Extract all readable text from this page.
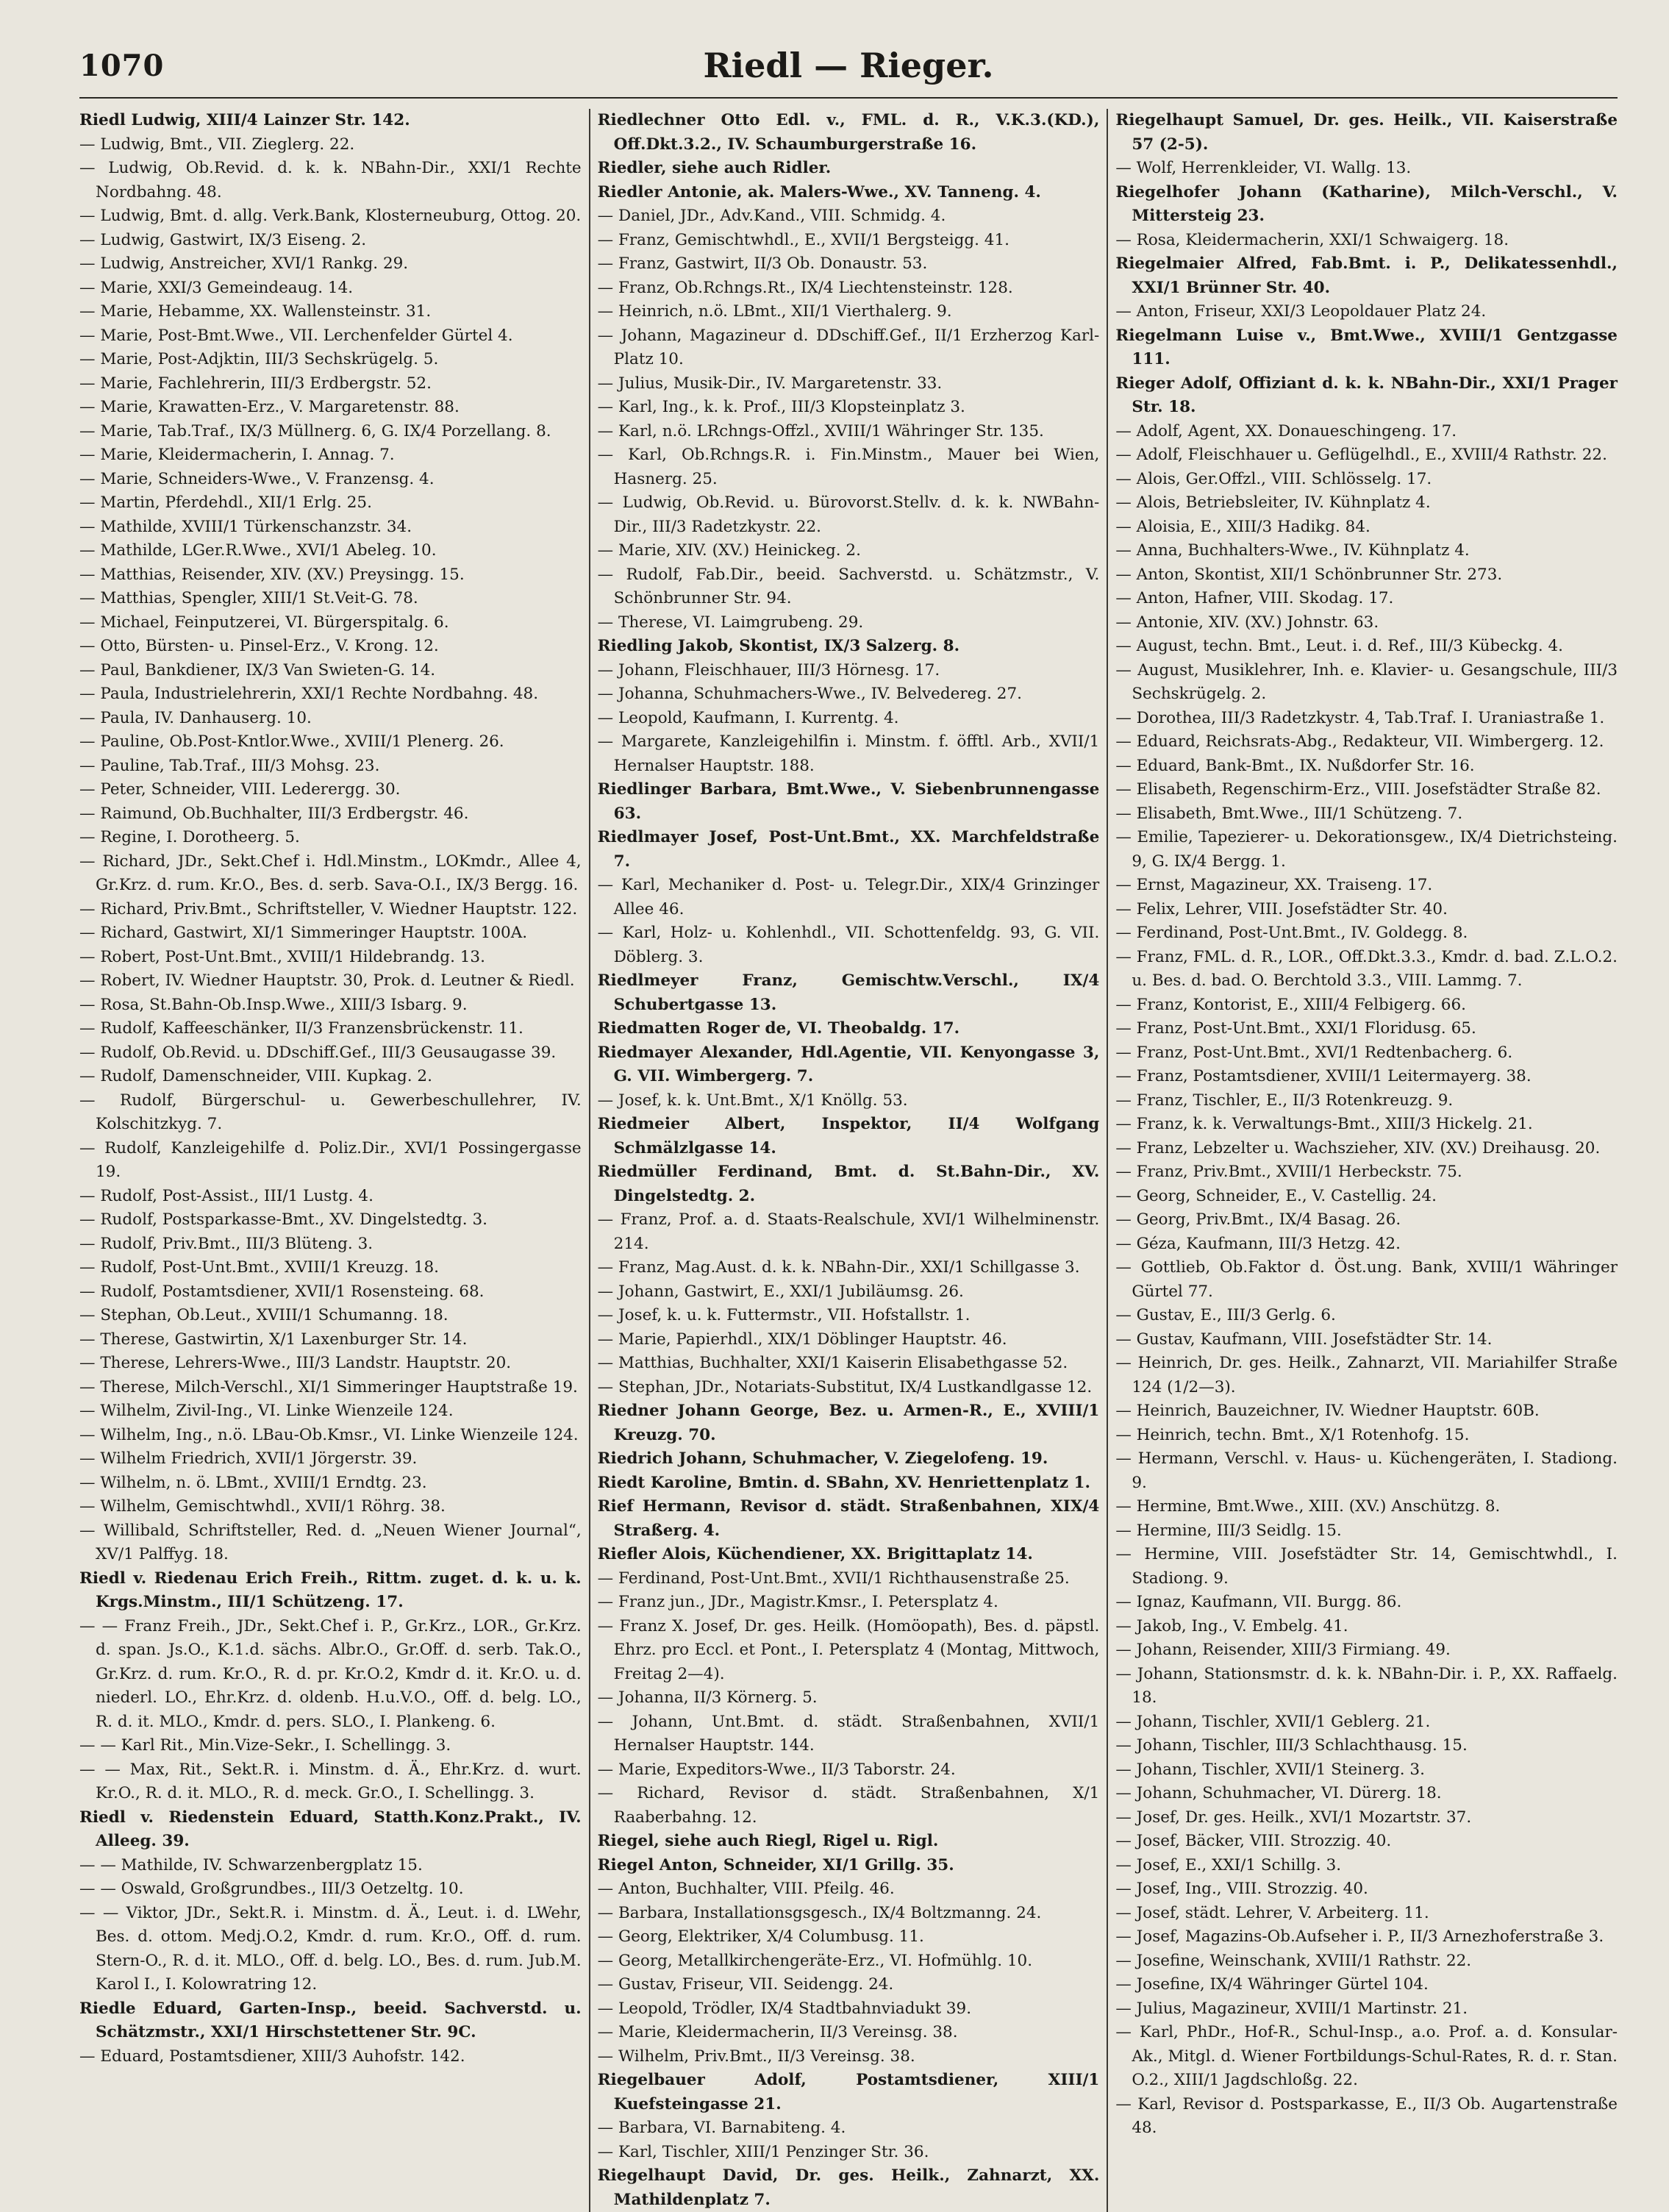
1070	Riedl — Rieger.

Riedl Ludwig, XIII/4 Lainzer Str. 142.

— Ludwig, Bmt., VII. Zieglerg. 22.

— Ludwig, Ob.Revid. d. k. k. NBahn-Dir., XXI/1 Rechte Nordbahng. 48.

— Ludwig, Bmt. d. allg. Verk.Bank, Klosterneuburg, Ottog. 20.

— Ludwig, Gastwirt, IX/3 Eiseng. 2.

— Ludwig, Anstreicher, XVI/1 Rankg. 29.

— Marie, XXI/3 Gemeindeaug. 14.

— Marie, Hebamme, XX. Wallensteinstr. 31.

— Marie, Post-Bmt.Wwe., VII. Lerchenfelder Gürtel 4.

— Marie, Post-Adjktin, III/3 Sechskrügelg. 5.

— Marie, Fachlehrerin, III/3 Erdbergstr. 52.

— Marie, Krawatten-Erz., V. Margaretenstr. 88.

— Marie, Tab.Traf., IX/3 Müllnerg. 6, G. IX/4 Porzellang. 8.

— Marie, Kleidermacherin, I. Annag. 7.

— Marie, Schneiders-Wwe., V. Franzensg. 4.

— Martin, Pferdehdl., XII/1 Erlg. 25.

— Mathilde, XVIII/1 Türkenschanzstr. 34.

— Mathilde, LGer.R.Wwe., XVI/1 Abeleg. 10.

— Matthias, Reisender, XIV. (XV.) Preysingg. 15.

— Matthias, Spengler, XIII/1 St.Veit-G. 78.

— Michael, Feinputzerei, VI. Bürgerspitalg. 6.

— Otto, Bürsten- u. Pinsel-Erz., V. Krong. 12.

— Paul, Bankdiener, IX/3 Van Swieten-G. 14.

— Paula, Industrielehrerin, XXI/1 Rechte Nordbahng. 48.

— Paula, IV. Danhauserg. 10.

— Pauline, Ob.Post-Kntlor.Wwe., XVIII/1 Plenerg. 26.

— Pauline, Tab.Traf., III/3 Mohsg. 23.

— Peter, Schneider, VIII. Lederergg. 30.

— Raimund, Ob.Buchhalter, III/3 Erdbergstr. 46.

— Regine, I. Dorotheerg. 5.

— Richard, JDr., Sekt.Chef i. Hdl.Minstm., LOKmdr., Allee 4, Gr.Krz. d. rum. Kr.O., Bes. d. serb. Sava-O.I., IX/3 Bergg. 16.

— Richard, Priv.Bmt., Schriftsteller, V. Wiedner Hauptstr. 122.

— Richard, Gastwirt, XI/1 Simmeringer Hauptstr. 100A.

— Robert, Post-Unt.Bmt., XVIII/1 Hildebrandg. 13.

— Robert, IV. Wiedner Hauptstr. 30, Prok. d. Leutner & Riedl.

— Rosa, St.Bahn-Ob.Insp.Wwe., XIII/3 Isbarg. 9.

— Rudolf, Kaffeeschänker, II/3 Franzensbrückenstr. 11.

— Rudolf, Ob.Revid. u. DDschiff.Gef., III/3 Geusaugasse 39.

— Rudolf, Damenschneider, VIII. Kupkag. 2.

— Rudolf, Bürgerschul- u. Gewerbeschullehrer, IV. Kolschitzkyg. 7.

— Rudolf, Kanzleigehilfe d. Poliz.Dir., XVI/1 Possingergasse 19.

— Rudolf, Post-Assist., III/1 Lustg. 4.

— Rudolf, Postsparkasse-Bmt., XV. Dingelstedtg. 3.

— Rudolf, Priv.Bmt., III/3 Blüteng. 3.

— Rudolf, Post-Unt.Bmt., XVIII/1 Kreuzg. 18.

— Rudolf, Postamtsdiener, XVII/1 Rosensteing. 68.

— Stephan, Ob.Leut., XVIII/1 Schumanng. 18.

— Therese, Gastwirtin, X/1 Laxenburger Str. 14.

— Therese, Lehrers-Wwe., III/3 Landstr. Hauptstr. 20.

— Therese, Milch-Verschl., XI/1 Simmeringer Hauptstraße 19.

— Wilhelm, Zivil-Ing., VI. Linke Wienzeile 124.

— Wilhelm, Ing., n.ö. LBau-Ob.Kmsr., VI. Linke Wienzeile 124.

— Wilhelm Friedrich, XVII/1 Jörgerstr. 39.

— Wilhelm, n. ö. LBmt., XVIII/1 Erndtg. 23.

— Wilhelm, Gemischtwhdl., XVII/1 Röhrg. 38.

— Willibald, Schriftsteller, Red. d. „Neuen Wiener Journal“, XV/1 Palffyg. 18.

Riedl v. Riedenau Erich Freih., Rittm. zuget. d. k. u. k. Krgs.Minstm., III/1 Schützeng. 17.

— — Franz Freih., JDr., Sekt.Chef i. P., Gr.Krz., LOR., Gr.Krz. d. span. Js.O., K.1.d. sächs. Albr.O., Gr.Off. d. serb. Tak.O., Gr.Krz. d. rum. Kr.O., R. d. pr. Kr.O.2, Kmdr d. it. Kr.O. u. d. niederl. LO., Ehr.Krz. d. oldenb. H.u.V.O., Off. d. belg. LO., R. d. it. MLO., Kmdr. d. pers. SLO., I. Plankeng. 6.

— — Karl Rit., Min.Vize-Sekr., I. Schellingg. 3.

— — Max, Rit., Sekt.R. i. Minstm. d. Ä., Ehr.Krz. d. wurt. Kr.O., R. d. it. MLO., R. d. meck. Gr.O., I. Schellingg. 3.

Riedl v. Riedenstein Eduard, Statth.Konz.Prakt., IV. Alleeg. 39.

— — Mathilde, IV. Schwarzenbergplatz 15.

— — Oswald, Großgrundbes., III/3 Oetzeltg. 10.

— — Viktor, JDr., Sekt.R. i. Minstm. d. Ä., Leut. i. d. LWehr, Bes. d. ottom. Medj.O.2, Kmdr. d. rum. Kr.O., Off. d. rum. Stern-O., R. d. it. MLO., Off. d. belg. LO., Bes. d. rum. Jub.M. Karol I., I. Kolowratring 12.

Riedle Eduard, Garten-Insp., beeid. Sachverstd. u. Schätzmstr., XXI/1 Hirschstettener Str. 9C.

— Eduard, Postamtsdiener, XIII/3 Auhofstr. 142.

Riedlechner Otto Edl. v., FML. d. R., V.K.3.(KD.), Off.Dkt.3.2., IV. Schaumburgerstraße 16.

Riedler, siehe auch Ridler.

Riedler Antonie, ak. Malers-Wwe., XV. Tanneng. 4.

— Daniel, JDr., Adv.Kand., VIII. Schmidg. 4.

— Franz, Gemischtwhdl., E., XVII/1 Bergsteigg. 41.

— Franz, Gastwirt, II/3 Ob. Donaustr. 53.

— Franz, Ob.Rchngs.Rt., IX/4 Liechtensteinstr. 128.

— Heinrich, n.ö. LBmt., XII/1 Vierthalerg. 9.

— Johann, Magazineur d. DDschiff.Gef., II/1 Erzherzog Karl-Platz 10.

— Julius, Musik-Dir., IV. Margaretenstr. 33.

— Karl, Ing., k. k. Prof., III/3 Klopsteinplatz 3.

— Karl, n.ö. LRchngs-Offzl., XVIII/1 Währinger Str. 135.

— Karl, Ob.Rchngs.R. i. Fin.Minstm., Mauer bei Wien, Hasnerg. 25.

— Ludwig, Ob.Revid. u. Bürovorst.Stellv. d. k. k. NWBahn-Dir., III/3 Radetzkystr. 22.

— Marie, XIV. (XV.) Heinickeg. 2.

— Rudolf, Fab.Dir., beeid. Sachverstd. u. Schätzmstr., V. Schönbrunner Str. 94.

— Therese, VI. Laimgrubeng. 29.

Riedling Jakob, Skontist, IX/3 Salzerg. 8.

— Johann, Fleischhauer, III/3 Hörnesg. 17.

— Johanna, Schuhmachers-Wwe., IV. Belvedereg. 27.

— Leopold, Kaufmann, I. Kurrentg. 4.

— Margarete, Kanzleigehilfin i. Minstm. f. öfftl. Arb., XVII/1 Hernalser Hauptstr. 188.

Riedlinger Barbara, Bmt.Wwe., V. Siebenbrunnengasse 63.

Riedlmayer Josef, Post-Unt.Bmt., XX. Marchfeldstraße 7.

— Karl, Mechaniker d. Post- u. Telegr.Dir., XIX/4 Grinzinger Allee 46.

— Karl, Holz- u. Kohlenhdl., VII. Schottenfeldg. 93, G. VII. Döblerg. 3.

Riedlmeyer Franz, Gemischtw.Verschl., IX/4 Schubertgasse 13.

Riedmatten Roger de, VI. Theobaldg. 17.

Riedmayer Alexander, Hdl.Agentie, VII. Kenyongasse 3, G. VII. Wimbergerg. 7.

— Josef, k. k. Unt.Bmt., X/1 Knöllg. 53.

Riedmeier Albert, Inspektor, II/4 Wolfgang Schmälzlgasse 14.

Riedmüller Ferdinand, Bmt. d. St.Bahn-Dir., XV. Dingelstedtg. 2.

— Franz, Prof. a. d. Staats-Realschule, XVI/1 Wilhelminenstr. 214.

— Franz, Mag.Aust. d. k. k. NBahn-Dir., XXI/1 Schillgasse 3.

— Johann, Gastwirt, E., XXI/1 Jubiläumsg. 26.

— Josef, k. u. k. Futtermstr., VII. Hofstallstr. 1.

— Marie, Papierhdl., XIX/1 Döblinger Hauptstr. 46.

— Matthias, Buchhalter, XXI/1 Kaiserin Elisabethgasse 52.

— Stephan, JDr., Notariats-Substitut, IX/4 Lustkandlgasse 12.

Riedner Johann George, Bez. u. Armen-R., E., XVIII/1 Kreuzg. 70.

Riedrich Johann, Schuhmacher, V. Ziegelofeng. 19.

Riedt Karoline, Bmtin. d. SBahn, XV. Henriettenplatz 1.

Rief Hermann, Revisor d. städt. Straßenbahnen, XIX/4 Straßerg. 4.

Riefler Alois, Küchendiener, XX. Brigittaplatz 14.

— Ferdinand, Post-Unt.Bmt., XVII/1 Richthausenstraße 25.

— Franz jun., JDr., Magistr.Kmsr., I. Petersplatz 4.

— Franz X. Josef, Dr. ges. Heilk. (Homöopath), Bes. d. päpstl. Ehrz. pro Eccl. et Pont., I. Petersplatz 4 (Montag, Mittwoch, Freitag 2—4).

— Johanna, II/3 Körnerg. 5.

— Johann, Unt.Bmt. d. städt. Straßenbahnen, XVII/1 Hernalser Hauptstr. 144.

— Marie, Expeditors-Wwe., II/3 Taborstr. 24.

— Richard, Revisor d. städt. Straßenbahnen, X/1 Raaberbahng. 12.

Riegel, siehe auch Riegl, Rigel u. Rigl.

Riegel Anton, Schneider, XI/1 Grillg. 35.

— Anton, Buchhalter, VIII. Pfeilg. 46.

— Barbara, Installationsgsgesch., IX/4 Boltzmanng. 24.

— Georg, Elektriker, X/4 Columbusg. 11.

— Georg, Metallkirchengeräte-Erz., VI. Hofmühlg. 10.

— Gustav, Friseur, VII. Seidengg. 24.

— Leopold, Trödler, IX/4 Stadtbahnviadukt 39.

— Marie, Kleidermacherin, II/3 Vereinsg. 38.

— Wilhelm, Priv.Bmt., II/3 Vereinsg. 38.

Riegelbauer Adolf, Postamtsdiener, XIII/1 Kuefsteingasse 21.

— Barbara, VI. Barnabiteng. 4.

— Karl, Tischler, XIII/1 Penzinger Str. 36.

Riegelhaupt David, Dr. ges. Heilk., Zahnarzt, XX. Mathildenplatz 7.

Riegelhaupt Samuel, Dr. ges. Heilk., VII. Kaiserstraße 57 (2-5).

— Wolf, Herrenkleider, VI. Wallg. 13.

Riegelhofer Johann (Katharine), Milch-Verschl., V. Mittersteig 23.

— Rosa, Kleidermacherin, XXI/1 Schwaigerg. 18.

Riegelmaier Alfred, Fab.Bmt. i. P., Delikatessenhdl., XXI/1 Brünner Str. 40.

— Anton, Friseur, XXI/3 Leopoldauer Platz 24.

Riegelmann Luise v., Bmt.Wwe., XVIII/1 Gentzgasse 111.

Rieger Adolf, Offiziant d. k. k. NBahn-Dir., XXI/1 Prager Str. 18.

— Adolf, Agent, XX. Donaueschingeng. 17.

— Adolf, Fleischhauer u. Geflügelhdl., E., XVIII/4 Rathstr. 22.

— Alois, Ger.Offzl., VIII. Schlösselg. 17.

— Alois, Betriebsleiter, IV. Kühnplatz 4.

— Aloisia, E., XIII/3 Hadikg. 84.

— Anna, Buchhalters-Wwe., IV. Kühnplatz 4.

— Anton, Skontist, XII/1 Schönbrunner Str. 273.

— Anton, Hafner, VIII. Skodag. 17.

— Antonie, XIV. (XV.) Johnstr. 63.

— August, techn. Bmt., Leut. i. d. Ref., III/3 Kübeckg. 4.

— August, Musiklehrer, Inh. e. Klavier- u. Gesangschule, III/3 Sechskrügelg. 2.

— Dorothea, III/3 Radetzkystr. 4, Tab.Traf. I. Uraniastraße 1.

— Eduard, Reichsrats-Abg., Redakteur, VII. Wimbergerg. 12.

— Eduard, Bank-Bmt., IX. Nußdorfer Str. 16.

— Elisabeth, Regenschirm-Erz., VIII. Josefstädter Straße 82.

— Elisabeth, Bmt.Wwe., III/1 Schützeng. 7.

— Emilie, Tapezierer- u. Dekorationsgew., IX/4 Dietrichsteing. 9, G. IX/4 Bergg. 1.

— Ernst, Magazineur, XX. Traiseng. 17.

— Felix, Lehrer, VIII. Josefstädter Str. 40.

— Ferdinand, Post-Unt.Bmt., IV. Goldegg. 8.

— Franz, FML. d. R., LOR., Off.Dkt.3.3., Kmdr. d. bad. Z.L.O.2. u. Bes. d. bad. O. Berchtold 3.3., VIII. Lammg. 7.

— Franz, Kontorist, E., XIII/4 Felbigerg. 66.

— Franz, Post-Unt.Bmt., XXI/1 Floridusg. 65.

— Franz, Post-Unt.Bmt., XVI/1 Redtenbacherg. 6.

— Franz, Postamtsdiener, XVIII/1 Leitermayerg. 38.

— Franz, Tischler, E., II/3 Rotenkreuzg. 9.

— Franz, k. k. Verwaltungs-Bmt., XIII/3 Hickelg. 21.

— Franz, Lebzelter u. Wachszieher, XIV. (XV.) Dreihausg. 20.

— Franz, Priv.Bmt., XVIII/1 Herbeckstr. 75.

— Georg, Schneider, E., V. Castellig. 24.

— Georg, Priv.Bmt., IX/4 Basag. 26.

— Géza, Kaufmann, III/3 Hetzg. 42.

— Gottlieb, Ob.Faktor d. Öst.ung. Bank, XVIII/1 Währinger Gürtel 77.

— Gustav, E., III/3 Gerlg. 6.

— Gustav, Kaufmann, VIII. Josefstädter Str. 14.

— Heinrich, Dr. ges. Heilk., Zahnarzt, VII. Mariahilfer Straße 124 (1/2—3).

— Heinrich, Bauzeichner, IV. Wiedner Hauptstr. 60B.

— Heinrich, techn. Bmt., X/1 Rotenhofg. 15.

— Hermann, Verschl. v. Haus- u. Küchengeräten, I. Stadiong. 9.

— Hermine, Bmt.Wwe., XIII. (XV.) Anschützg. 8.

— Hermine, III/3 Seidlg. 15.

— Hermine, VIII. Josefstädter Str. 14, Gemischtwhdl., I. Stadiong. 9.

— Ignaz, Kaufmann, VII. Burgg. 86.

— Jakob, Ing., V. Embelg. 41.

— Johann, Reisender, XIII/3 Firmiang. 49.

— Johann, Stationsmstr. d. k. k. NBahn-Dir. i. P., XX. Raffaelg. 18.

— Johann, Tischler, XVII/1 Geblerg. 21.

— Johann, Tischler, III/3 Schlachthausg. 15.

— Johann, Tischler, XVII/1 Steinerg. 3.

— Johann, Schuhmacher, VI. Dürerg. 18.

— Josef, Dr. ges. Heilk., XVI/1 Mozartstr. 37.

— Josef, Bäcker, VIII. Strozzig. 40.

— Josef, E., XXI/1 Schillg. 3.

— Josef, Ing., VIII. Strozzig. 40.

— Josef, städt. Lehrer, V. Arbeiterg. 11.

— Josef, Magazins-Ob.Aufseher i. P., II/3 Arnezhoferstraße 3.

— Josefine, Weinschank, XVIII/1 Rathstr. 22.

— Josefine, IX/4 Währinger Gürtel 104.

— Julius, Magazineur, XVIII/1 Martinstr. 21.

— Karl, PhDr., Hof-R., Schul-Insp., a.o. Prof. a. d. Konsular-Ak., Mitgl. d. Wiener Fortbildungs-Schul-Rates, R. d. r. Stan. O.2., XIII/1 Jagdschloßg. 22.

— Karl, Revisor d. Postsparkasse, E., II/3 Ob. Augartenstraße 48.
